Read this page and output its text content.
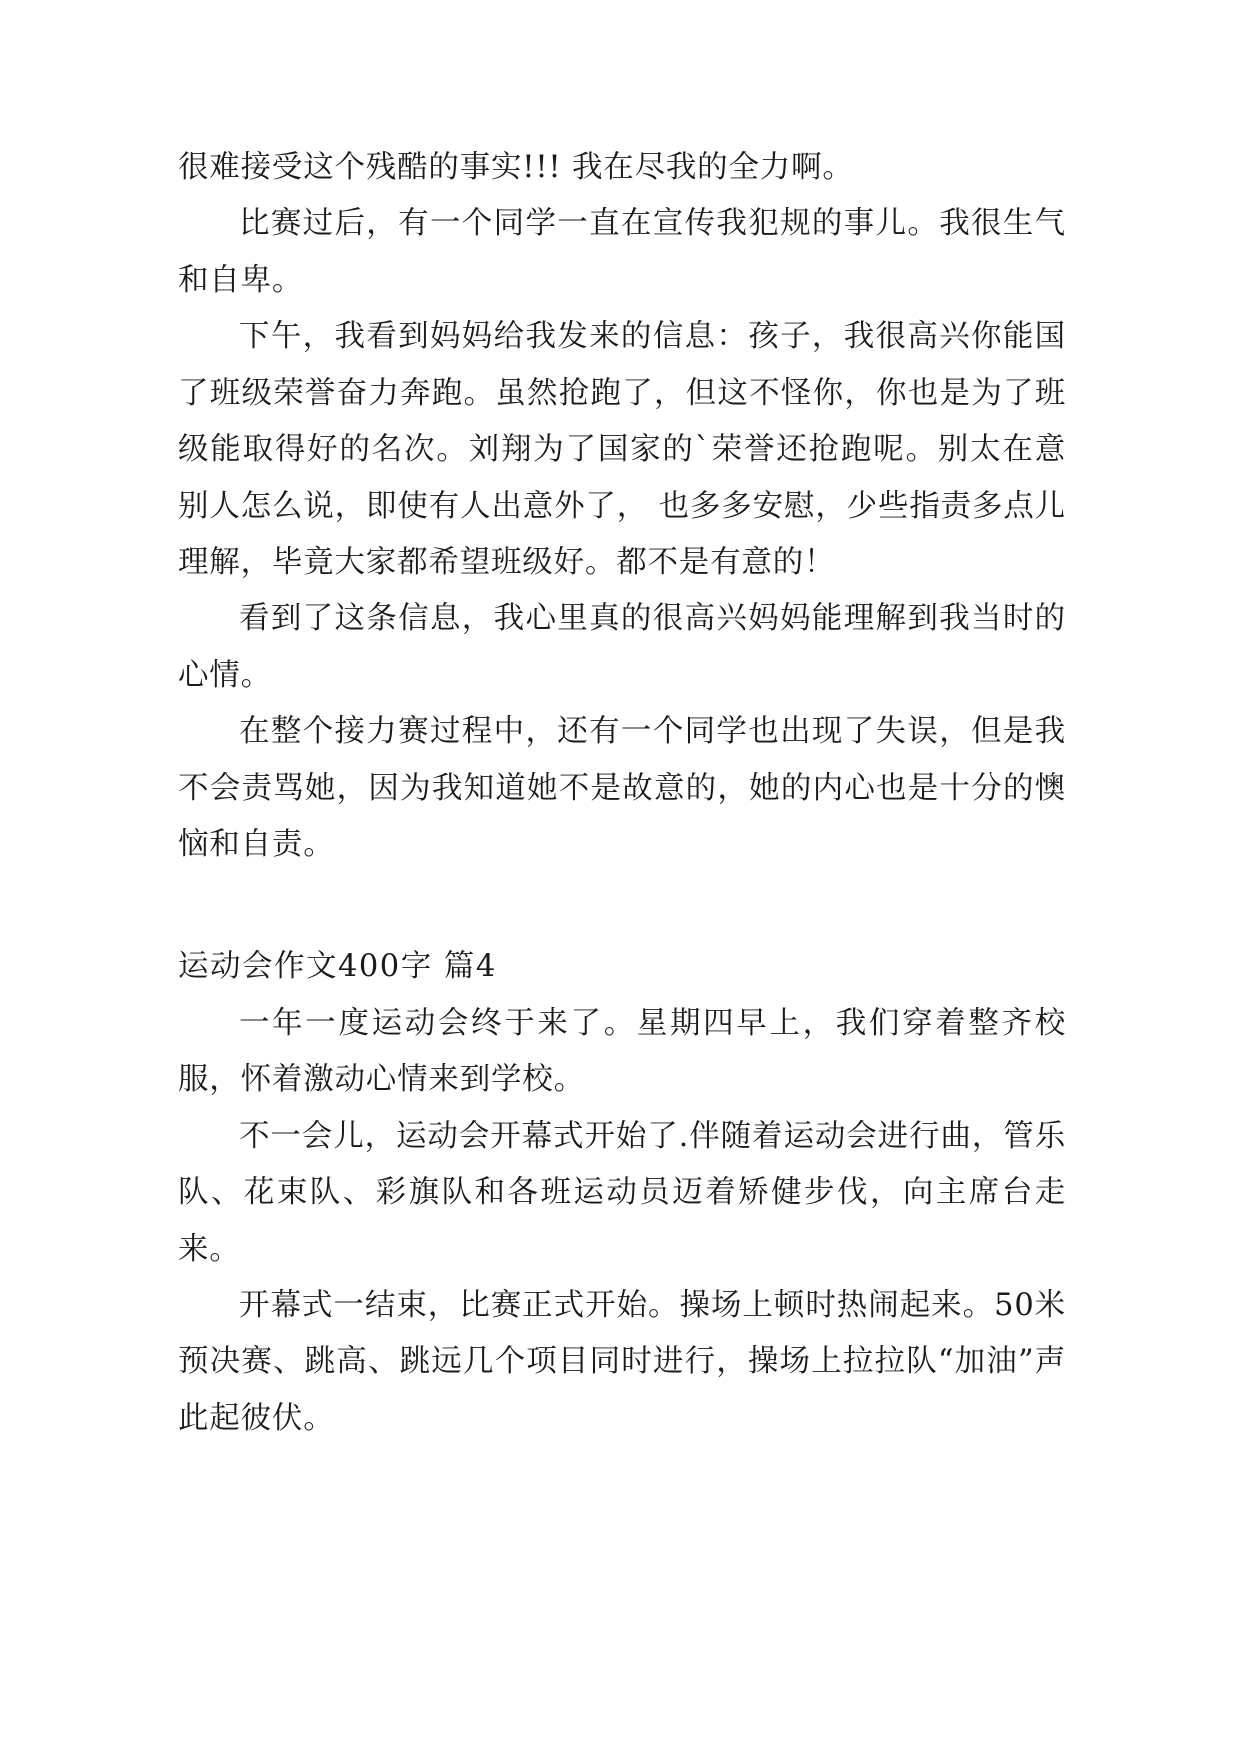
很难接受这个残酷的事实!!! 我在尽我的全力啊。

比赛过后，有一个同学一直在宣传我犯规的事儿。我很生气和自卑。

下午，我看到妈妈给我发来的信息：孩子，我很高兴你能国了班级荣誉奋力奔跑。虽然抢跑了，但这不怪你，你也是为了班级能取得好的名次。刘翔为了国家的`荣誉还抢跑呢。别太在意别人怎么说，即使有人出意外了， 也多多安慰，少些指责多点儿理解，毕竟大家都希望班级好。都不是有意的！

看到了这条信息，我心里真的很高兴妈妈能理解到我当时的心情。

在整个接力赛过程中，还有一个同学也出现了失误，但是我不会责骂她，因为我知道她不是故意的，她的内心也是十分的懊恼和自责。

运动会作文400字 篇4

一年一度运动会终于来了。星期四早上，我们穿着整齐校服，怀着激动心情来到学校。

不一会儿，运动会开幕式开始了.伴随着运动会进行曲，管乐队、花束队、彩旗队和各班运动员迈着矫健步伐，向主席台走来。

开幕式一结束，比赛正式开始。操场上顿时热闹起来。50米预决赛、跳高、跳远几个项目同时进行，操场上拉拉队“加油”声此起彼伏。
